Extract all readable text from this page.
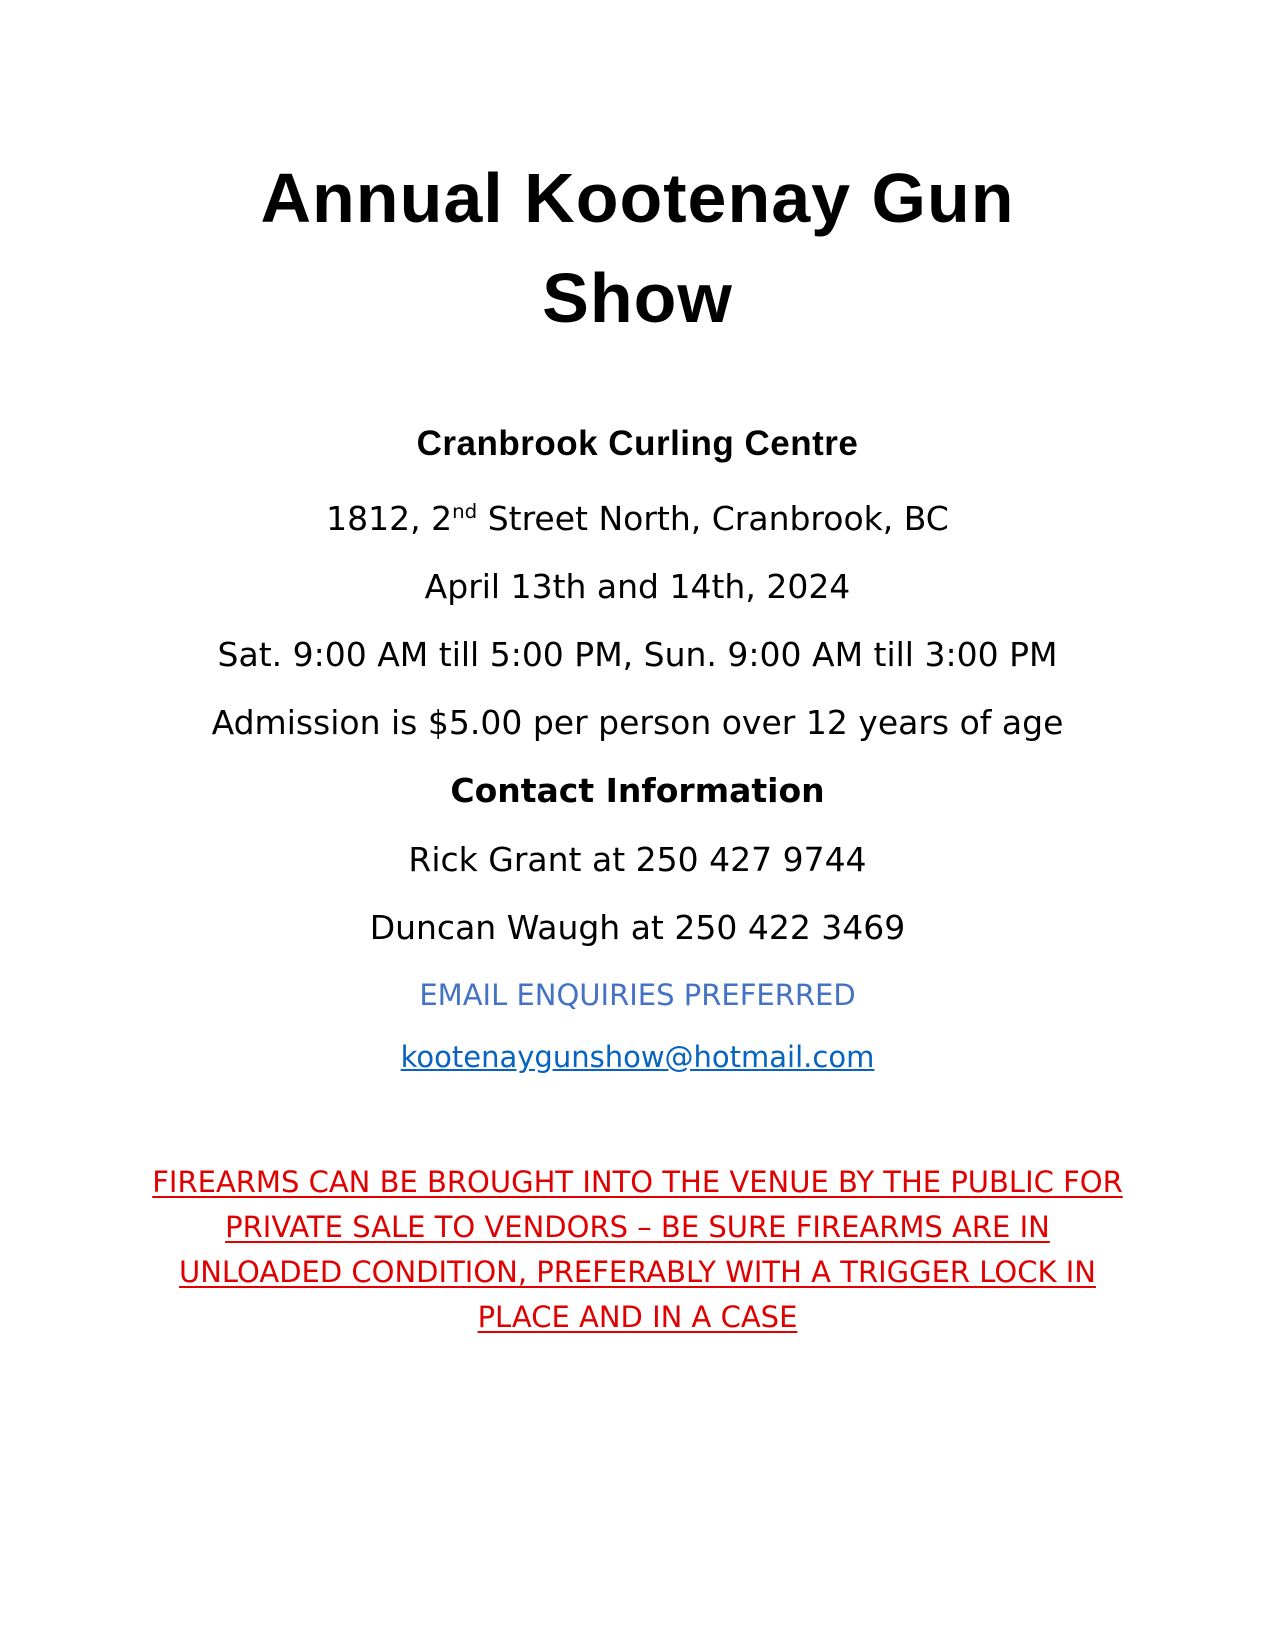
Annual Kootenay Gun
Show
Cranbrook Curling Centre
1812, 2nd Street North, Cranbrook, BC
April 13th and 14th, 2024
Sat. 9:00 AM till 5:00 PM, Sun. 9:00 AM till 3:00 PM
Admission is $5.00 per person over 12 years of age
Contact Information
Rick Grant at 250 427 9744
Duncan Waugh at 250 422 3469
EMAIL ENQUIRIES PREFERRED
kootenaygunshow@hotmail.com
FIREARMS CAN BE BROUGHT INTO THE VENUE BY THE PUBLIC FOR PRIVATE SALE TO VENDORS – BE SURE FIREARMS ARE IN UNLOADED CONDITION, PREFERABLY WITH A TRIGGER LOCK IN PLACE AND IN A CASE
